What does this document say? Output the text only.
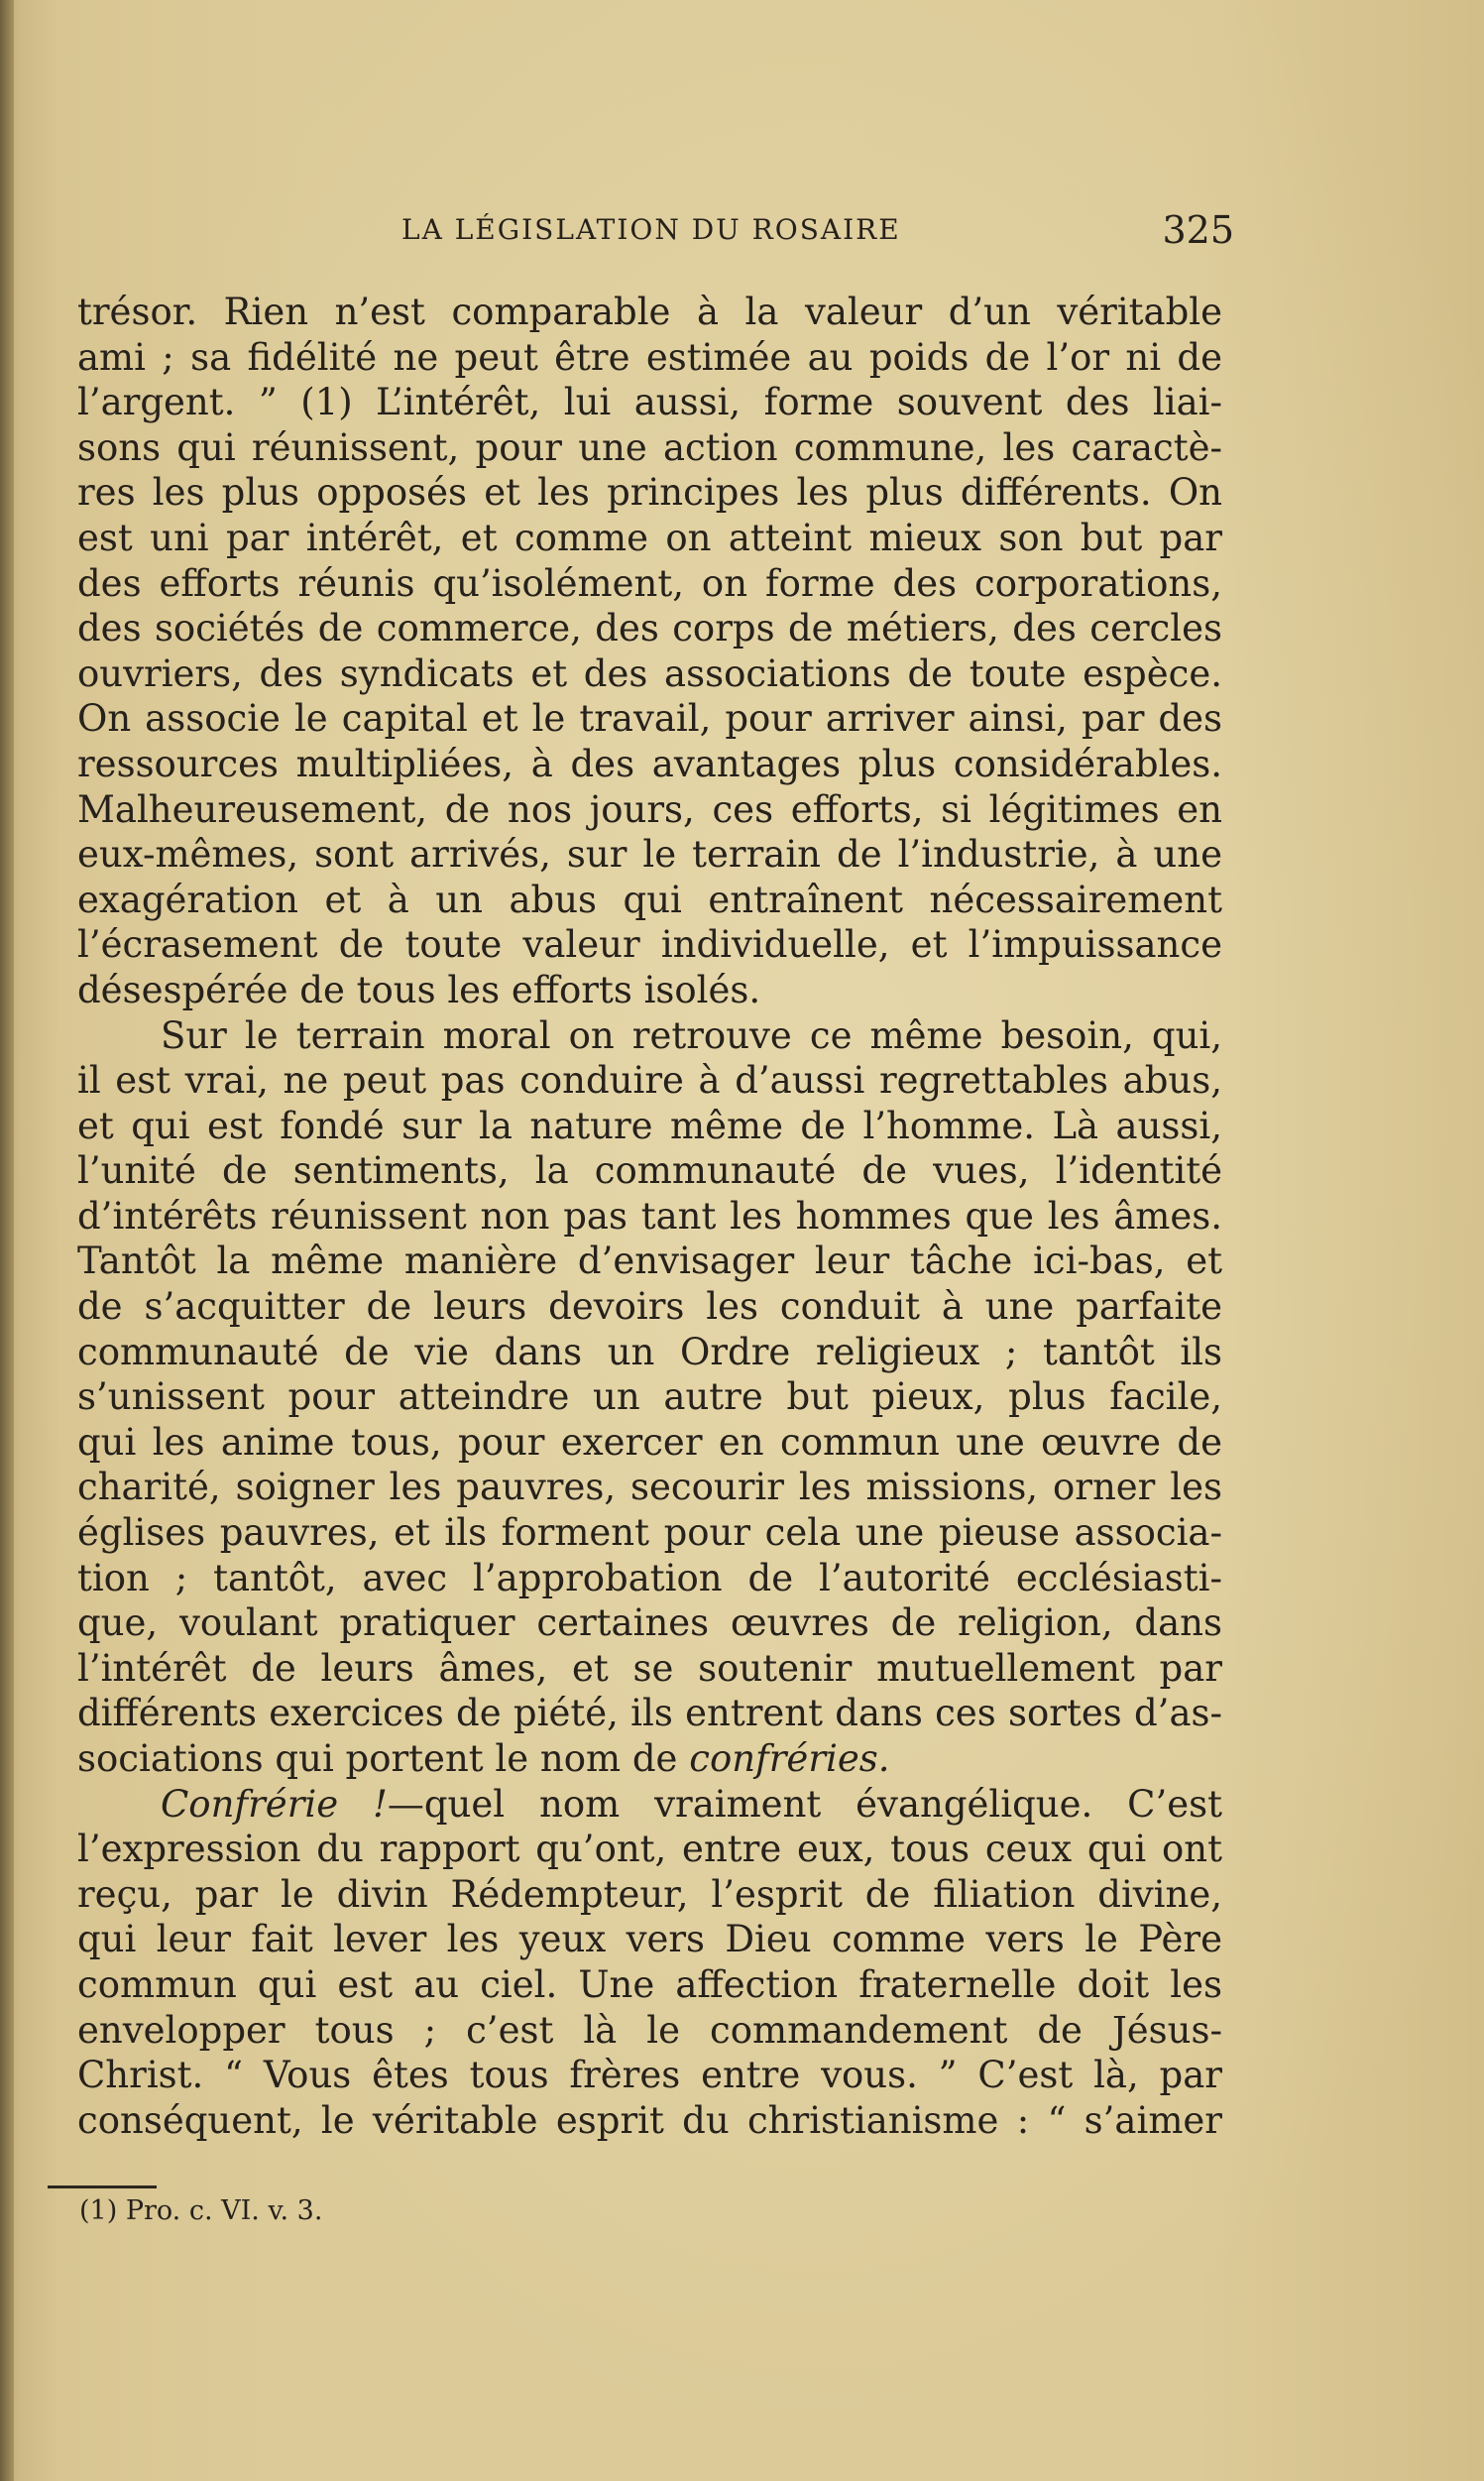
LA LÉGISLATION DU ROSAIRE	325
trésor. Rien n’est comparable à la valeur d’un véritable
ami ; sa fidélité ne peut être estimée au poids de l’or ni de
l’argent. ” (1) L’intérêt, lui aussi, forme souvent des liai-
sons qui réunissent, pour une action commune, les caractè-
res les plus opposés et les principes les plus différents. On
est uni par intérêt, et comme on atteint mieux son but par
des efforts réunis qu’isolément, on forme des corporations,
des sociétés de commerce, des corps de métiers, des cercles
ouvriers, des syndicats et des associations de toute espèce.
On associe le capital et le travail, pour arriver ainsi, par des
ressources multipliées, à des avantages plus considérables.
Malheureusement, de nos jours, ces efforts, si légitimes en
eux-mêmes, sont arrivés, sur le terrain de l’industrie, à une
exagération et à un abus qui entraînent nécessairement
l’écrasement de toute valeur individuelle, et l’impuissance
désespérée de tous les efforts isolés.
Sur le terrain moral on retrouve ce même besoin, qui,
il est vrai, ne peut pas conduire à d’aussi regrettables abus,
et qui est fondé sur la nature même de l’homme. Là aussi,
l’unité de sentiments, la communauté de vues, l’identité
d’intérêts réunissent non pas tant les hommes que les âmes.
Tantôt la même manière d’envisager leur tâche ici-bas, et
de s’acquitter de leurs devoirs les conduit à une parfaite
communauté de vie dans un Ordre religieux ; tantôt ils
s’unissent pour atteindre un autre but pieux, plus facile,
qui les anime tous, pour exercer en commun une œuvre de
charité, soigner les pauvres, secourir les missions, orner les
églises pauvres, et ils forment pour cela une pieuse associa-
tion ; tantôt, avec l’approbation de l’autorité ecclésiasti-
que, voulant pratiquer certaines œuvres de religion, dans
l’intérêt de leurs âmes, et se soutenir mutuellement par
différents exercices de piété, ils entrent dans ces sortes d’as-
sociations qui portent le nom de confréries.
Confrérie !—quel nom vraiment évangélique. C’est
l’expression du rapport qu’ont, entre eux, tous ceux qui ont
reçu, par le divin Rédempteur, l’esprit de filiation divine,
qui leur fait lever les yeux vers Dieu comme vers le Père
commun qui est au ciel. Une affection fraternelle doit les
envelopper tous ; c’est là le commandement de Jésus-
Christ. “ Vous êtes tous frères entre vous. ” C’est là, par
conséquent, le véritable esprit du christianisme : “ s’aimer
(1) Pro. c. VI. v. 3.
